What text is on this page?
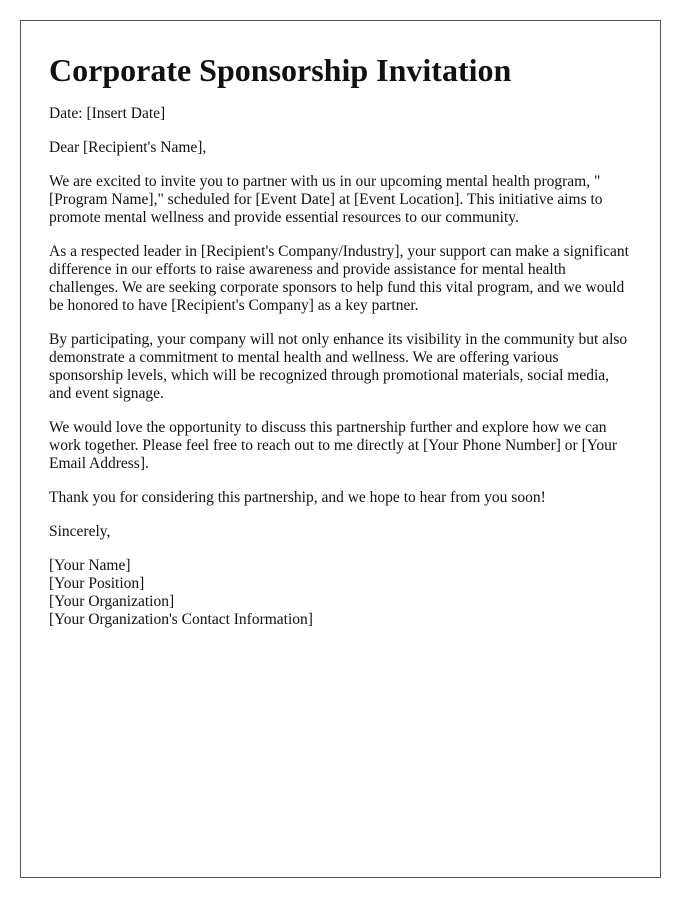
Corporate Sponsorship Invitation

Date: [Insert Date]

Dear [Recipient's Name],

We are excited to invite you to partner with us in our upcoming mental health program, "[Program Name]," scheduled for [Event Date] at [Event Location]. This initiative aims to promote mental wellness and provide essential resources to our community.

As a respected leader in [Recipient's Company/Industry], your support can make a significant difference in our efforts to raise awareness and provide assistance for mental health challenges. We are seeking corporate sponsors to help fund this vital program, and we would be honored to have [Recipient's Company] as a key partner.

By participating, your company will not only enhance its visibility in the community but also demonstrate a commitment to mental health and wellness. We are offering various sponsorship levels, which will be recognized through promotional materials, social media, and event signage.

We would love the opportunity to discuss this partnership further and explore how we can work together. Please feel free to reach out to me directly at [Your Phone Number] or [Your Email Address].

Thank you for considering this partnership, and we hope to hear from you soon!

Sincerely,

[Your Name]
[Your Position]
[Your Organization]
[Your Organization's Contact Information]
